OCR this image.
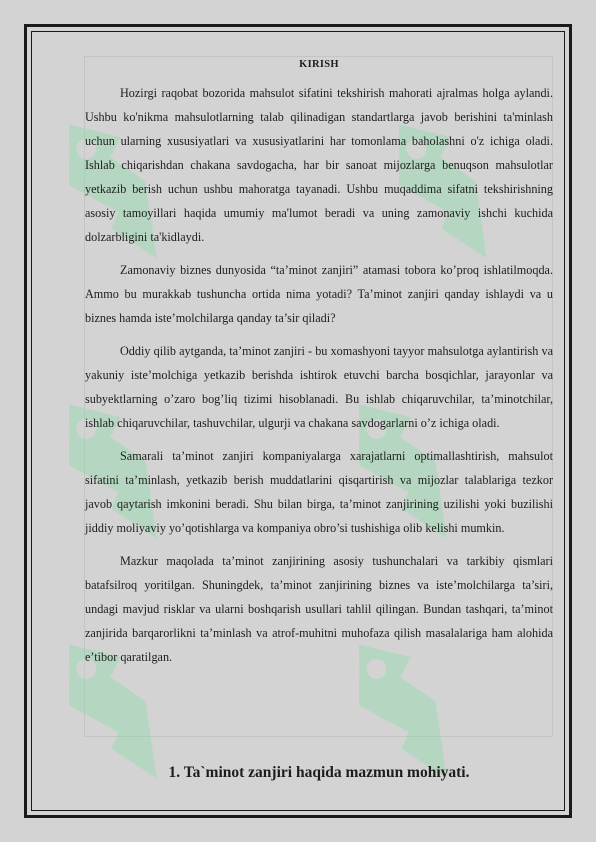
KIRISH

Hozirgi raqobat bozorida mahsulot sifatini tekshirish mahorati ajralmas holga aylandi. Ushbu ko'nikma mahsulotlarning talab qilinadigan standartlarga javob berishini ta'minlash uchun ularning xususiyatlari va xususiyatlarini har tomonlama baholashni o'z ichiga oladi. Ishlab chiqarishdan chakana savdogacha, har bir sanoat mijozlarga benuqson mahsulotlar yetkazib berish uchun ushbu mahoratga tayanadi. Ushbu muqaddima sifatni tekshirishning asosiy tamoyillari haqida umumiy ma'lumot beradi va uning zamonaviy ishchi kuchida dolzarbligini ta'kidlaydi.

Zamonaviy biznes dunyosida “ta’minot zanjiri” atamasi tobora ko’proq ishlatilmoqda. Ammo bu murakkab tushuncha ortida nima yotadi? Ta’minot zanjiri qanday ishlaydi va u biznes hamda iste’molchilarga qanday ta’sir qiladi?

Oddiy qilib aytganda, ta’minot zanjiri - bu xomashyoni tayyor mahsulotga aylantirish va yakuniy iste’molchiga yetkazib berishda ishtirok etuvchi barcha bosqichlar, jarayonlar va subyektlarning o’zaro bog’liq tizimi hisoblanadi. Bu ishlab chiqaruvchilar, ta’minotchilar, ishlab chiqaruvchilar, tashuvchilar, ulgurji va chakana savdogarlarni o’z ichiga oladi.

Samarali ta’minot zanjiri kompaniyalarga xarajatlarni optimallashtirish, mahsulot sifatini ta’minlash, yetkazib berish muddatlarini qisqartirish va mijozlar talablariga tezkor javob qaytarish imkonini beradi. Shu bilan birga, ta’minot zanjirining uzilishi yoki buzilishi jiddiy moliyaviy yo’qotishlarga va kompaniya obro’si tushishiga olib kelishi mumkin.

Mazkur maqolada ta’minot zanjirining asosiy tushunchalari va tarkibiy qismlari batafsilroq yoritilgan. Shuningdek, ta’minot zanjirining biznes va iste’molchilarga ta’siri, undagi mavjud risklar va ularni boshqarish usullari tahlil qilingan. Bundan tashqari, ta’minot zanjirida barqarorlikni ta’minlash va atrof-muhitni muhofaza qilish masalalariga ham alohida e’tibor qaratilgan.

1. Ta`minot zanjiri haqida mazmun mohiyati.
